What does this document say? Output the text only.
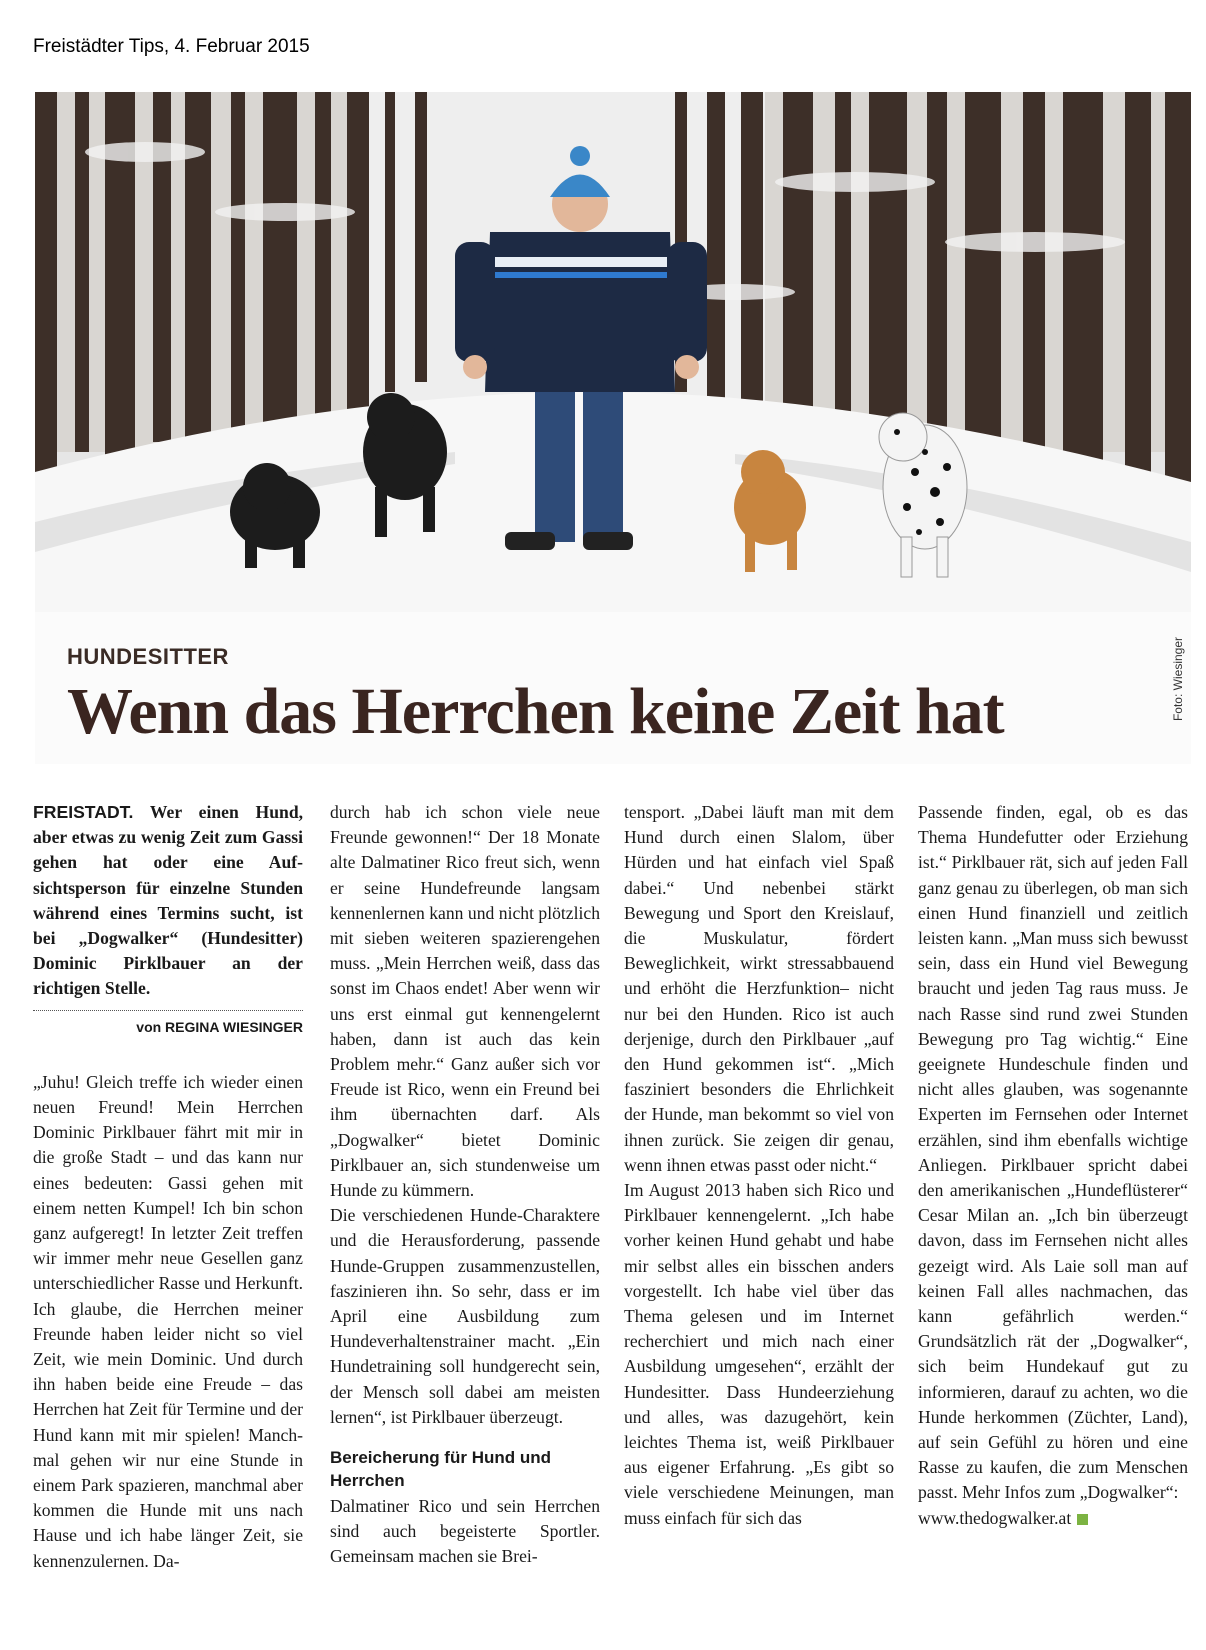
Freistädter Tips, 4. Februar 2015
Foto: Wiesinger
HUNDESITTER
Wenn das Herrchen keine Zeit hat

FREISTADT. Wer einen Hund, aber etwas zu wenig Zeit zum Gassi gehen hat oder eine Aufsichtsperson für einzelne Stunden während eines Termins sucht, ist bei „Dogwalker“ (Hundesitter) Dominic Pirklbauer an der richtigen Stelle.

von REGINA WIESINGER

„Juhu! Gleich treffe ich wieder einen neuen Freund! Mein Herrchen Dominic Pirklbauer fährt mit mir in die große Stadt – und das kann nur eines bedeuten: Gassi gehen mit einem netten Kumpel! Ich bin schon ganz aufgeregt! In letzter Zeit treffen wir immer mehr neue Gesellen ganz unterschiedlicher Rasse und Herkunft. Ich glaube, die Herrchen meiner Freunde haben leider nicht so viel Zeit, wie mein Dominic. Und durch ihn haben beide eine Freude – das Herrchen hat Zeit für Termine und der Hund kann mit mir spielen! Manchmal gehen wir nur eine Stunde in einem Park spazieren, manchmal aber kommen die Hunde mit uns nach Hause und ich habe länger Zeit, sie kennenzulernen. Da-

durch hab ich schon viele neue Freunde gewonnen!“ Der 18 Monate alte Dalmatiner Rico freut sich, wenn er seine Hundefreunde langsam kennenlernen kann und nicht plötzlich mit sieben weiteren spazierengehen muss. „Mein Herrchen weiß, dass das sonst im Chaos endet! Aber wenn wir uns erst einmal gut kennengelernt haben, dann ist auch das kein Problem mehr.“ Ganz außer sich vor Freude ist Rico, wenn ein Freund bei ihm übernachten darf. Als „Dogwalker“ bietet Dominic Pirklbauer an, sich stundenweise um Hunde zu kümmern.

Die verschiedenen Hunde-Charaktere und die Herausforderung, passende Hunde-Gruppen zusammenzustellen, faszinieren ihn. So sehr, dass er im April eine Ausbildung zum Hundeverhaltenstrainer macht. „Ein Hundetraining soll hundgerecht sein, der Mensch soll dabei am meisten lernen“, ist Pirklbauer überzeugt.

Bereicherung für Hund und Herrchen

Dalmatiner Rico und sein Herrchen sind auch begeisterte Sportler. Gemeinsam machen sie Brei-

tensport. „Dabei läuft man mit dem Hund durch einen Slalom, über Hürden und hat einfach viel Spaß dabei.“ Und nebenbei stärkt Bewegung und Sport den Kreislauf, die Muskulatur, fördert Beweglichkeit, wirkt stressabbauend und erhöht die Herzfunktion– nicht nur bei den Hunden. Rico ist auch derjenige, durch den Pirklbauer „auf den Hund gekommen ist“. „Mich fasziniert besonders die Ehrlichkeit der Hunde, man bekommt so viel von ihnen zurück. Sie zeigen dir genau, wenn ihnen etwas passt oder nicht.“

Im August 2013 haben sich Rico und Pirklbauer kennengelernt. „Ich habe vorher keinen Hund gehabt und habe mir selbst alles ein bisschen anders vorgestellt. Ich habe viel über das Thema gelesen und im Internet recherchiert und mich nach einer Ausbildung umgesehen“, erzählt der Hundesitter. Dass Hundeerziehung und alles, was dazugehört, kein leichtes Thema ist, weiß Pirklbauer aus eigener Erfahrung. „Es gibt so viele verschiedene Meinungen, man muss einfach für sich das

Passende finden, egal, ob es das Thema Hundefutter oder Erziehung ist.“ Pirklbauer rät, sich auf jeden Fall ganz genau zu überlegen, ob man sich einen Hund finanziell und zeitlich leisten kann. „Man muss sich bewusst sein, dass ein Hund viel Bewegung braucht und jeden Tag raus muss. Je nach Rasse sind rund zwei Stunden Bewegung pro Tag wichtig.“ Eine geeignete Hundeschule finden und nicht alles glauben, was sogenannte Experten im Fernsehen oder Internet erzählen, sind ihm ebenfalls wichtige Anliegen. Pirklbauer spricht dabei den amerikanischen „Hundeflüsterer“ Cesar Milan an. „Ich bin überzeugt davon, dass im Fernsehen nicht alles gezeigt wird. Als Laie soll man auf keinen Fall alles nachmachen, das kann gefährlich werden.“ Grundsätzlich rät der „Dogwalker“, sich beim Hundekauf gut zu informieren, darauf zu achten, wo die Hunde herkommen (Züchter, Land), auf sein Gefühl zu hören und eine Rasse zu kaufen, die zum Menschen passt. Mehr Infos zum „Dogwalker“:

www.thedogwalker.at
